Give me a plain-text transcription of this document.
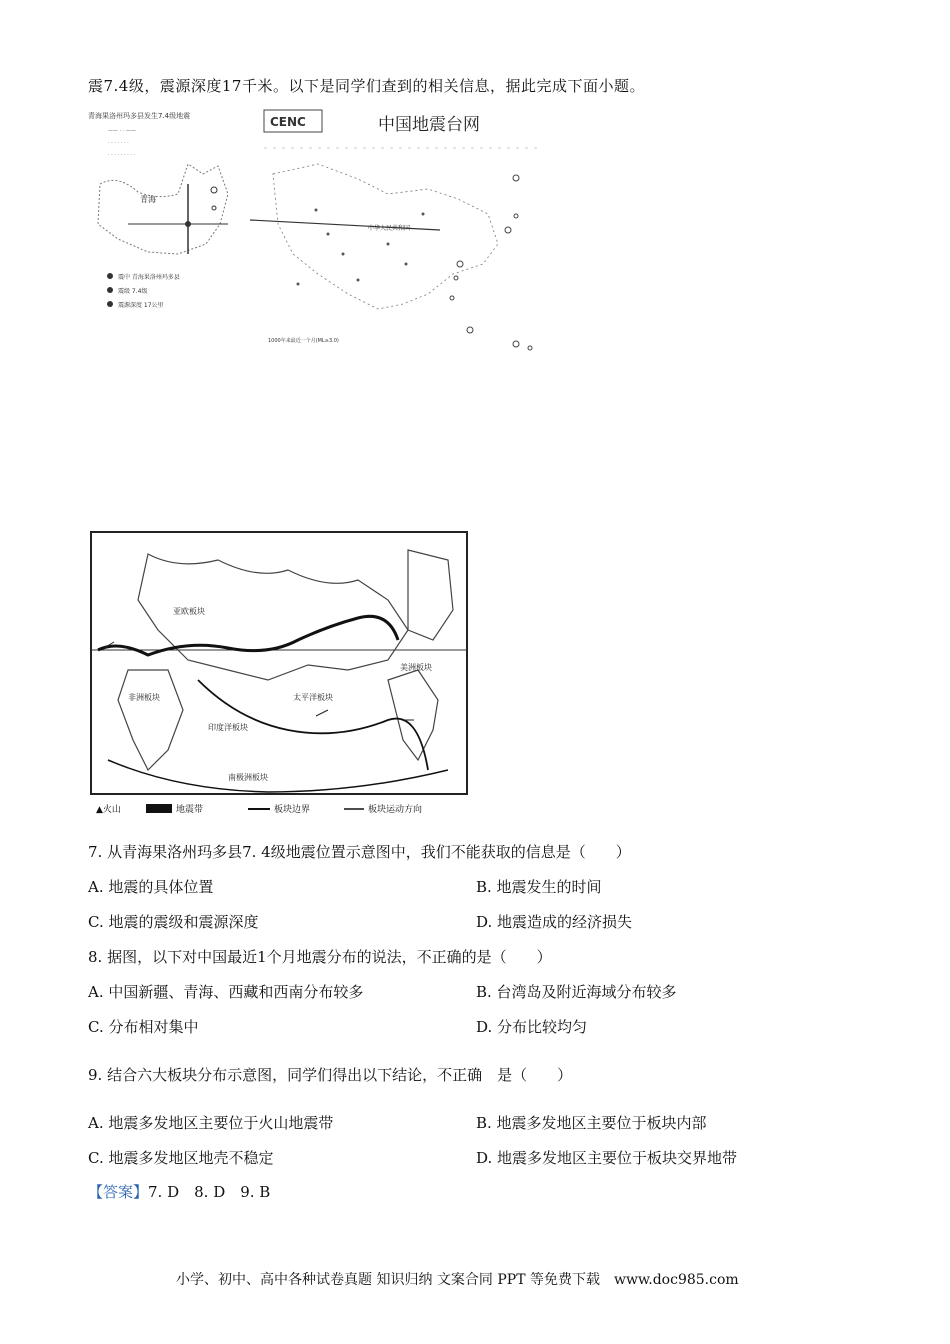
震7.4级，震源深度17千米。以下是同学们查到的相关信息，据此完成下面小题。
青海果洛州玛多县发生7.4级地震
—— · · ——
· · · · · · ·
· · · · · · · · ·
青海
震中 青海果洛州玛多县
震级 7.4级
震源深度 17公里
CENC	中国地震台网
中华人民共和国
1000年来最近一个月(ML≥3.0)
亚欧板块
非洲板块	太平洋板块
印度洋板块
美洲板块
南极洲板块
▲火山	地震带	板块边界	板块运动方向
7. 从青海果洛州玛多县7. 4级地震位置示意图中，我们不能获取的信息是（　　）
A. 地震的具体位置	B. 地震发生的时间
C. 地震的震级和震源深度	D. 地震造成的经济损失
8. 据图，以下对中国最近1个月地震分布的说法，不正确的是（　　）
A. 中国新疆、青海、西藏和西南分布较多	B. 台湾岛及附近海域分布较多
C. 分布相对集中	D. 分布比较均匀
9. 结合六大板块分布示意图，同学们得出以下结论，不正确　是（　　）
A. 地震多发地区主要位于火山地震带	B. 地震多发地区主要位于板块内部
C. 地震多发地区地壳不稳定	D. 地震多发地区主要位于板块交界地带
【答案】7. D　8. D　9. B
小学、初中、高中各种试卷真题 知识归纳 文案合同 PPT 等免费下载　www.doc985.com
